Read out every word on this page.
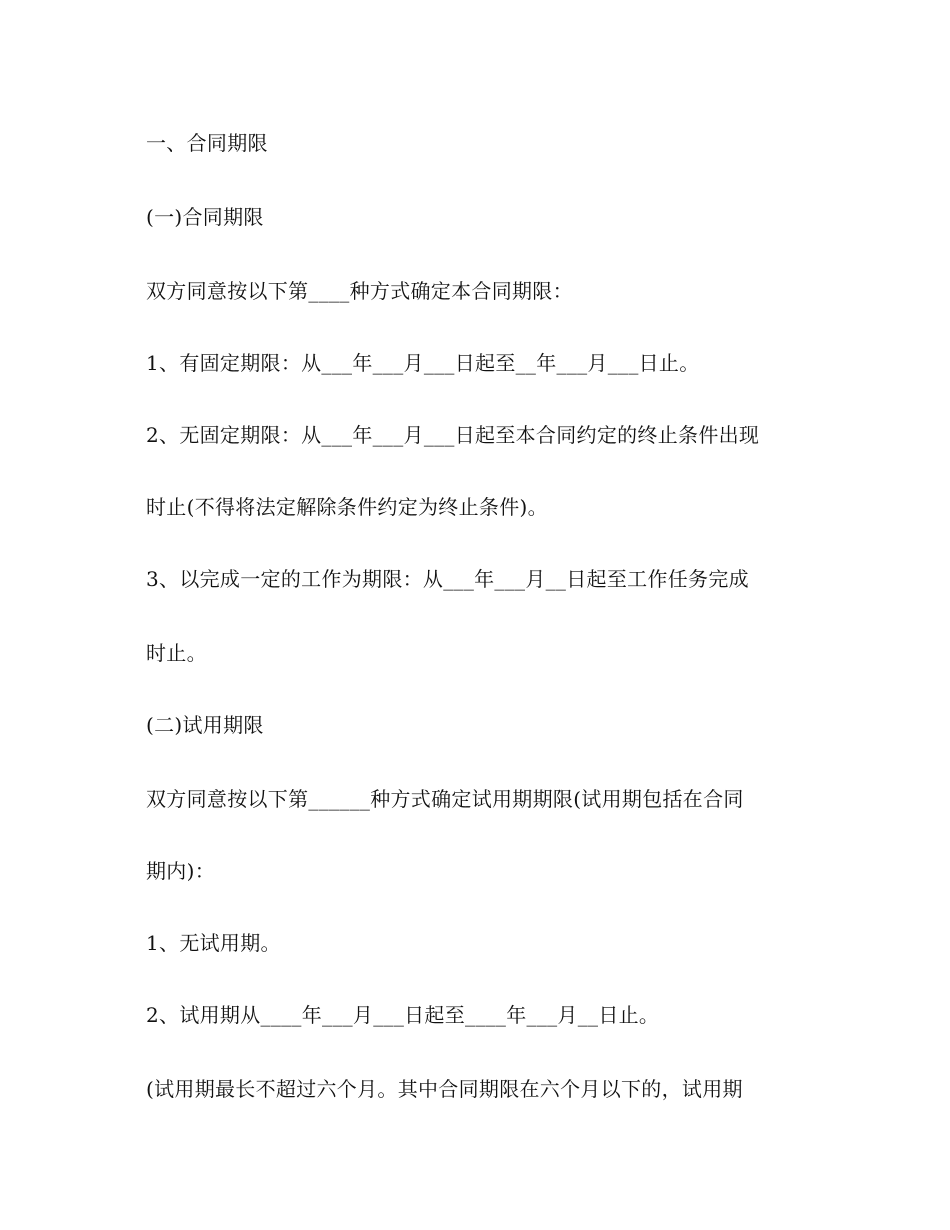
一、合同期限
(一)合同期限
双方同意按以下第____种方式确定本合同期限：
1、有固定期限：从___年___月___日起至__年___月___日止。
2、无固定期限：从___年___月___日起至本合同约定的终止条件出现
时止(不得将法定解除条件约定为终止条件)。
3、以完成一定的工作为期限：从___年___月__日起至工作任务完成
时止。
(二)试用期限
双方同意按以下第______种方式确定试用期期限(试用期包括在合同
期内)：
1、无试用期。
2、试用期从____年___月___日起至____年___月__日止。
(试用期最长不超过六个月。其中合同期限在六个月以下的，试用期
